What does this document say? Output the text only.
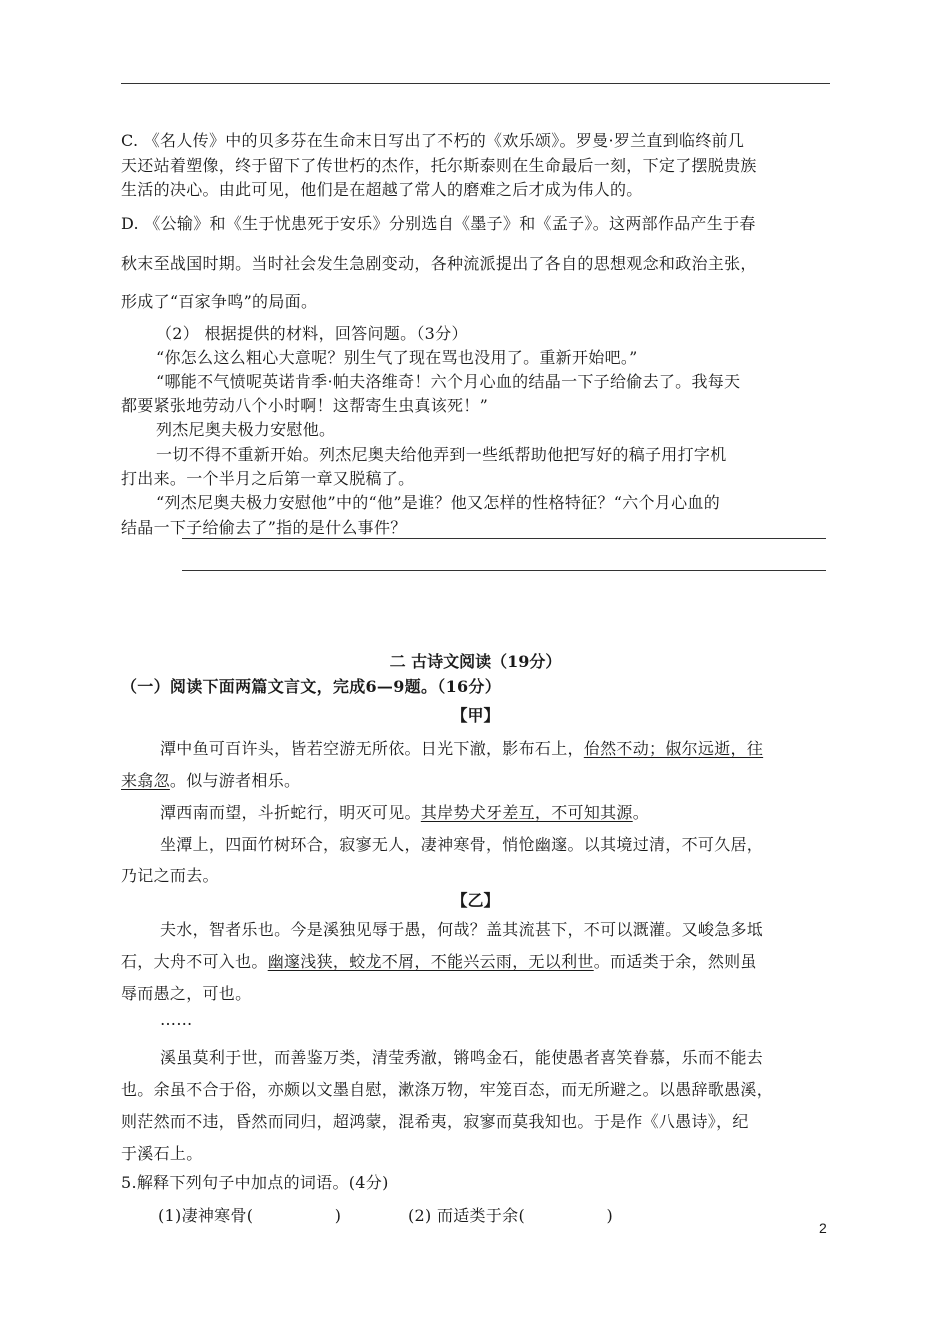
C. 《名人传》中的贝多芬在生命末日写出了不朽的《欢乐颂》。罗曼·罗兰直到临终前几
天还站着塑像，终于留下了传世朽的杰作，托尔斯泰则在生命最后一刻，下定了摆脱贵族
生活的决心。由此可见，他们是在超越了常人的磨难之后才成为伟人的。
D. 《公输》和《生于忧患死于安乐》分别选自《墨子》和《孟子》。这两部作品产生于春
秋末至战国时期。当时社会发生急剧变动，各种流派提出了各自的思想观念和政治主张，
形成了“百家争鸣”的局面。
（2） 根据提供的材料，回答问题。（3分）
“你怎么这么粗心大意呢？别生气了现在骂也没用了。重新开始吧。”
“哪能不气愤呢英诺肯季·帕夫洛维奇！六个月心血的结晶一下子给偷去了。我每天
都要紧张地劳动八个小时啊！这帮寄生虫真该死！”
列杰尼奥夫极力安慰他。
一切不得不重新开始。列杰尼奥夫给他弄到一些纸帮助他把写好的稿子用打字机
打出来。一个半月之后第一章又脱稿了。
“列杰尼奥夫极力安慰他”中的“他”是谁？他又怎样的性格特征？“六个月心血的
结晶一下子给偷去了”指的是什么事件？
二 古诗文阅读（19分）
（一）阅读下面两篇文言文，完成6—9题。（16分）
【甲】
潭中鱼可百许头，皆若空游无所依。日光下澈，影布石上，佁然不动；俶尔远逝，往
来翕忽。似与游者相乐。
潭西南而望，斗折蛇行，明灭可见。其岸势犬牙差互，不可知其源。
坐潭上，四面竹树环合，寂寥无人，凄神寒骨，悄怆幽邃。以其境过清，不可久居，
乃记之而去。
【乙】
夫水，智者乐也。今是溪独见辱于愚，何哉？盖其流甚下，不可以溉灌。又峻急多坻
石，大舟不可入也。幽邃浅狭，蛟龙不屑，不能兴云雨，无以利世。而适类于余，然则虽
辱而愚之，可也。
……
溪虽莫利于世，而善鉴万类，清莹秀澈，锵鸣金石，能使愚者喜笑眷慕，乐而不能去
也。余虽不合于俗，亦颇以文墨自慰，漱涤万物，牢笼百态，而无所避之。以愚辞歌愚溪，
则茫然而不违，昏然而同归，超鸿蒙，混希夷，寂寥而莫我知也。于是作《八愚诗》，纪
于溪石上。
5.解释下列句子中加点的词语。(4分)
(1)凄神寒骨(　　　　　)	(2) 而适类于余(　　　　　)
2
